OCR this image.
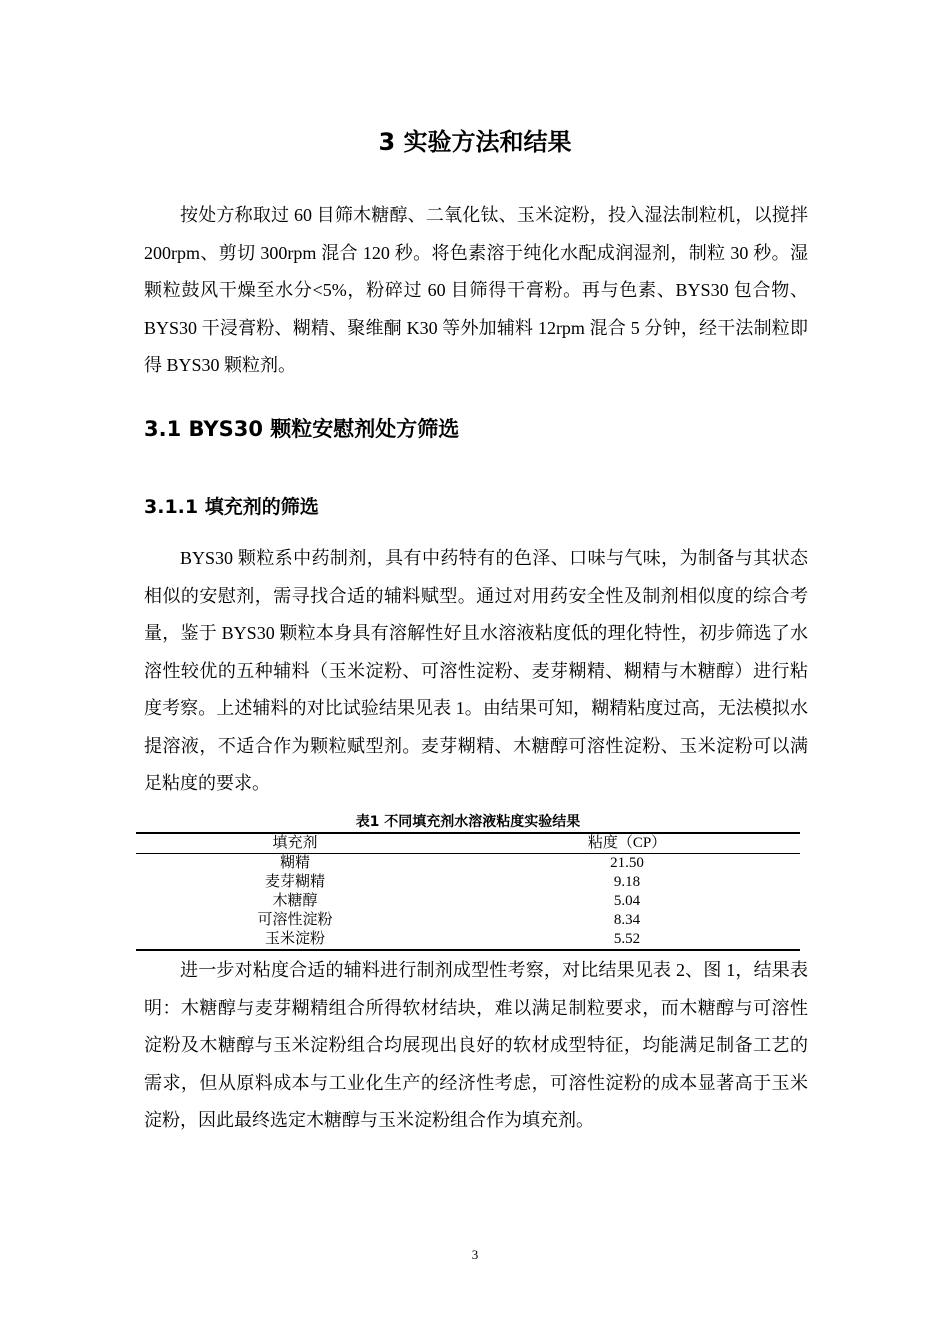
3 实验方法和结果

按处方称取过 60 目筛木糖醇、二氧化钛、玉米淀粉，投入湿法制粒机，以搅拌 200rpm、剪切 300rpm 混合 120 秒。将色素溶于纯化水配成润湿剂，制粒 30 秒。湿颗粒鼓风干燥至水分<5%，粉碎过 60 目筛得干膏粉。再与色素、BYS30 包合物、BYS30 干浸膏粉、糊精、聚维酮 K30 等外加辅料 12rpm 混合 5 分钟，经干法制粒即得 BYS30 颗粒剂。

3.1 BYS30 颗粒安慰剂处方筛选
3.1.1 填充剂的筛选

BYS30 颗粒系中药制剂，具有中药特有的色泽、口味与气味，为制备与其状态相似的安慰剂，需寻找合适的辅料赋型。通过对用药安全性及制剂相似度的综合考量，鉴于 BYS30 颗粒本身具有溶解性好且水溶液粘度低的理化特性，初步筛选了水溶性较优的五种辅料（玉米淀粉、可溶性淀粉、麦芽糊精、糊精与木糖醇）进行粘度考察。上述辅料的对比试验结果见表 1。由结果可知，糊精粘度过高，无法模拟水提溶液，不适合作为颗粒赋型剂。麦芽糊精、木糖醇可溶性淀粉、玉米淀粉可以满足粘度的要求。

表1 不同填充剂水溶液粘度实验结果
填充剂	粘度（CP）
糊精	21.50
麦芽糊精	9.18
木糖醇	5.04
可溶性淀粉	8.34
玉米淀粉	5.52

进一步对粘度合适的辅料进行制剂成型性考察，对比结果见表 2、图 1，结果表明：木糖醇与麦芽糊精组合所得软材结块，难以满足制粒要求，而木糖醇与可溶性淀粉及木糖醇与玉米淀粉组合均展现出良好的软材成型特征，均能满足制备工艺的需求，但从原料成本与工业化生产的经济性考虑，可溶性淀粉的成本显著高于玉米淀粉，因此最终选定木糖醇与玉米淀粉组合作为填充剂。

3
